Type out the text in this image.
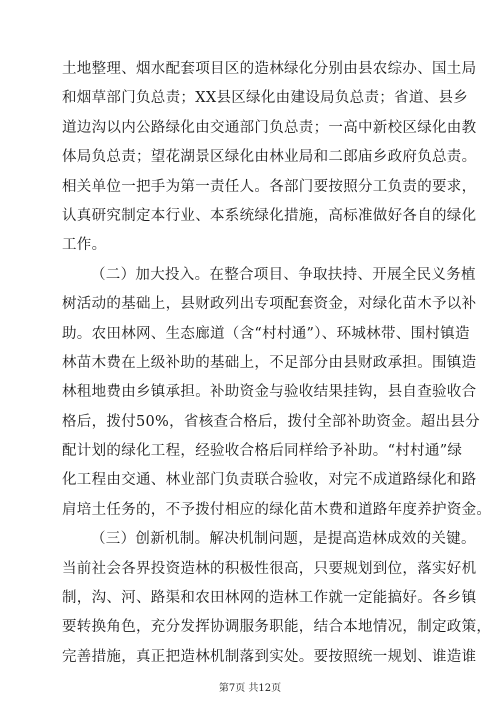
土地整理、烟水配套项目区的造林绿化分别由县农综办、国土局
和烟草部门负总责；XX县区绿化由建设局负总责；省道、县乡
道边沟以内公路绿化由交通部门负总责；一高中新校区绿化由教
体局负总责；望花湖景区绿化由林业局和二郎庙乡政府负总责。
相关单位一把手为第一责任人。各部门要按照分工负责的要求，
认真研究制定本行业、本系统绿化措施，高标准做好各自的绿化
工作。
（二）加大投入。在整合项目、争取扶持、开展全民义务植
树活动的基础上，县财政列出专项配套资金，对绿化苗木予以补
助。农田林网、生态廊道（含“村村通”）、环城林带、围村镇造
林苗木费在上级补助的基础上，不足部分由县财政承担。围镇造
林租地费由乡镇承担。补助资金与验收结果挂钩，县自查验收合
格后，拨付50%，省核查合格后，拨付全部补助资金。超出县分
配计划的绿化工程，经验收合格后同样给予补助。“村村通”绿
化工程由交通、林业部门负责联合验收，对完不成道路绿化和路
肩培土任务的，不予拨付相应的绿化苗木费和道路年度养护资金。
（三）创新机制。解决机制问题，是提高造林成效的关键。
当前社会各界投资造林的积极性很高，只要规划到位，落实好机
制，沟、河、路渠和农田林网的造林工作就一定能搞好。各乡镇
要转换角色，充分发挥协调服务职能，结合本地情况，制定政策，
完善措施，真正把造林机制落到实处。要按照统一规划、谁造谁
第7页 共12页
